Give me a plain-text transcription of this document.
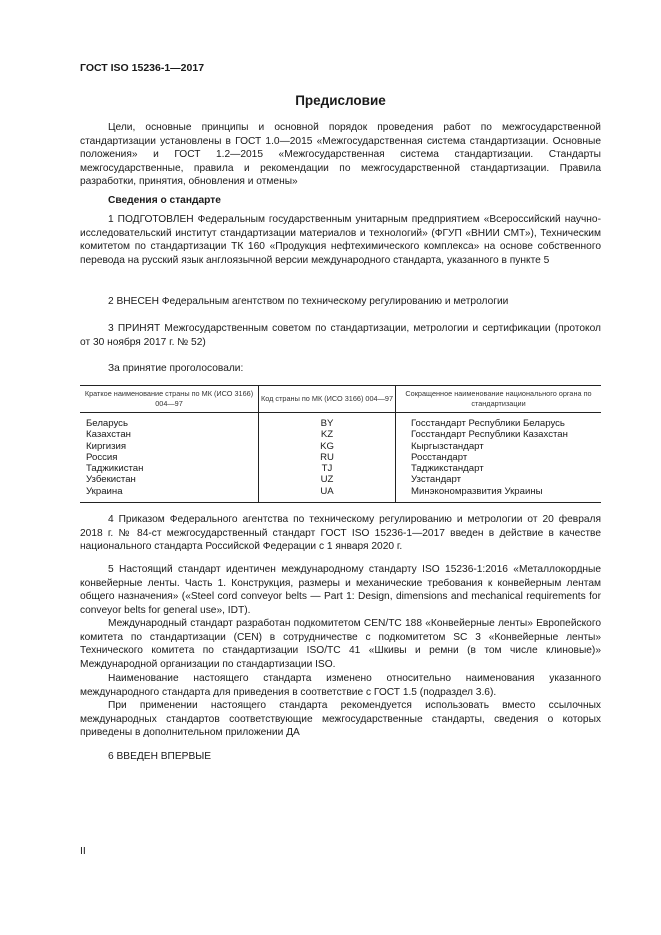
ГОСТ ISO 15236-1—2017
Предисловие

Цели, основные принципы и основной порядок проведения работ по межгосударственной стандартизации установлены в ГОСТ 1.0—2015 «Межгосударственная система стандартизации. Основные положения» и ГОСТ 1.2—2015 «Межгосударственная система стандартизации. Стандарты межгосударственные, правила и рекомендации по межгосударственной стандартизации. Правила разработки, принятия, обновления и отмены»

Сведения о стандарте

1 ПОДГОТОВЛЕН Федеральным государственным унитарным предприятием «Всероссийский научно-исследовательский институт стандартизации материалов и технологий» (ФГУП «ВНИИ СМТ»), Техническим комитетом по стандартизации ТК 160 «Продукция нефтехимического комплекса» на основе собственного перевода на русский язык англоязычной версии международного стандарта, указанного в пункте 5

2 ВНЕСЕН Федеральным агентством по техническому регулированию и метрологии

3 ПРИНЯТ Межгосударственным советом по стандартизации, метрологии и сертификации (протокол от 30 ноября 2017 г. № 52)

За принятие проголосовали:
Краткое наименование страны по МК (ИСО 3166) 004—97	Код страны по МК (ИСО 3166) 004—97	Сокращенное наименование национального органа по стандартизации
Беларусь	BY	Госстандарт Республики Беларусь
Казахстан	KZ	Госстандарт Республики Казахстан
Киргизия	KG	Кыргызстандарт
Россия	RU	Росстандарт
Таджикистан	TJ	Таджикстандарт
Узбекистан	UZ	Узстандарт
Украина	UA	Минэкономразвития Украины

4 Приказом Федерального агентства по техническому регулированию и метрологии от 20 февраля 2018 г. № 84-ст межгосударственный стандарт ГОСТ ISO 15236-1—2017 введен в действие в качестве национального стандарта Российской Федерации с 1 января 2020 г.

5 Настоящий стандарт идентичен международному стандарту ISO 15236-1:2016 «Металлокордные конвейерные ленты. Часть 1. Конструкция, размеры и механические требования к конвейерным лентам общего назначения» («Steel cord conveyor belts — Part 1: Design, dimensions and mechanical requirements for conveyor belts for general use», IDT).

Международный стандарт разработан подкомитетом CEN/TC 188 «Конвейерные ленты» Европейского комитета по стандартизации (CEN) в сотрудничестве с подкомитетом SC 3 «Конвейерные ленты» Технического комитета по стандартизации ISO/TC 41 «Шкивы и ремни (в том числе клиновые)» Международной организации по стандартизации ISO.

Наименование настоящего стандарта изменено относительно наименования указанного международного стандарта для приведения в соответствие с ГОСТ 1.5 (подраздел 3.6).

При применении настоящего стандарта рекомендуется использовать вместо ссылочных международных стандартов соответствующие межгосударственные стандарты, сведения о которых приведены в дополнительном приложении ДА

6 ВВЕДЕН ВПЕРВЫЕ
II
